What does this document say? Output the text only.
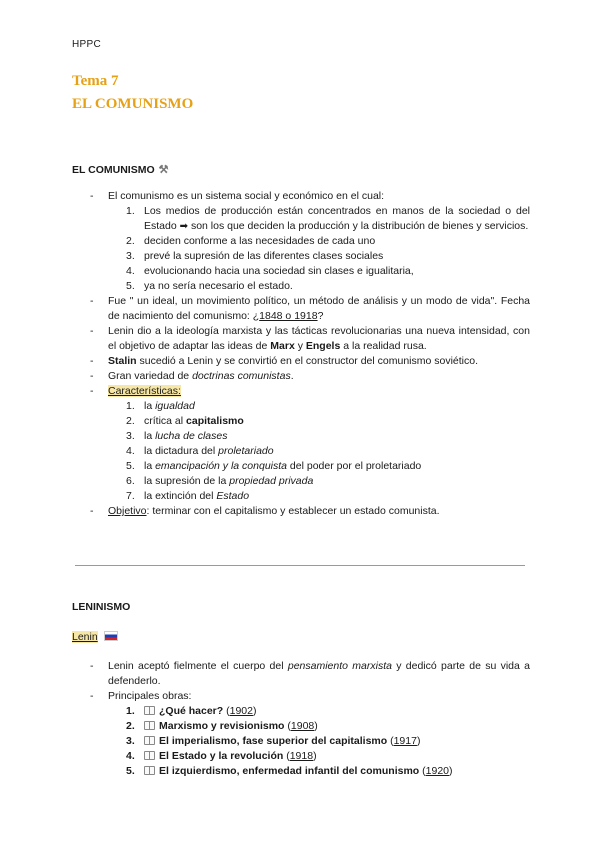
HPPC
Tema 7
EL COMUNISMO
EL COMUNISMO ⚒
- El comunismo es un sistema social y económico en el cual:
1. Los medios de producción están concentrados en manos de la sociedad o del Estado ➡ son los que deciden la producción y la distribución de bienes y servicios.
2. deciden conforme a las necesidades de cada uno
3. prevé la supresión de las diferentes clases sociales
4. evolucionando hacia una sociedad sin clases e igualitaria,
5. ya no sería necesario el estado.
- Fue " un ideal, un movimiento político, un método de análisis y un modo de vida". Fecha de nacimiento del comunismo: ¿1848 o 1918?
- Lenin dio a la ideología marxista y las tácticas revolucionarias una nueva intensidad, con el objetivo de adaptar las ideas de Marx y Engels a la realidad rusa.
- Stalin sucedió a Lenin y se convirtió en el constructor del comunismo soviético.
- Gran variedad de doctrinas comunistas.
- Características:
1. la igualdad
2. crítica al capitalismo
3. la lucha de clases
4. la dictadura del proletariado
5. la emancipación y la conquista del poder por el proletariado
6. la supresión de la propiedad privada
7. la extinción del Estado
- Objetivo: terminar con el capitalismo y establecer un estado comunista.
LENINISMO
Lenin
- Lenin aceptó fielmente el cuerpo del pensamiento marxista y dedicó parte de su vida a defenderlo.
- Principales obras:
1. ¿Qué hacer? (1902)
2. Marxismo y revisionismo (1908)
3. El imperialismo, fase superior del capitalismo (1917)
4. El Estado y la revolución (1918)
5. El izquierdismo, enfermedad infantil del comunismo (1920)
